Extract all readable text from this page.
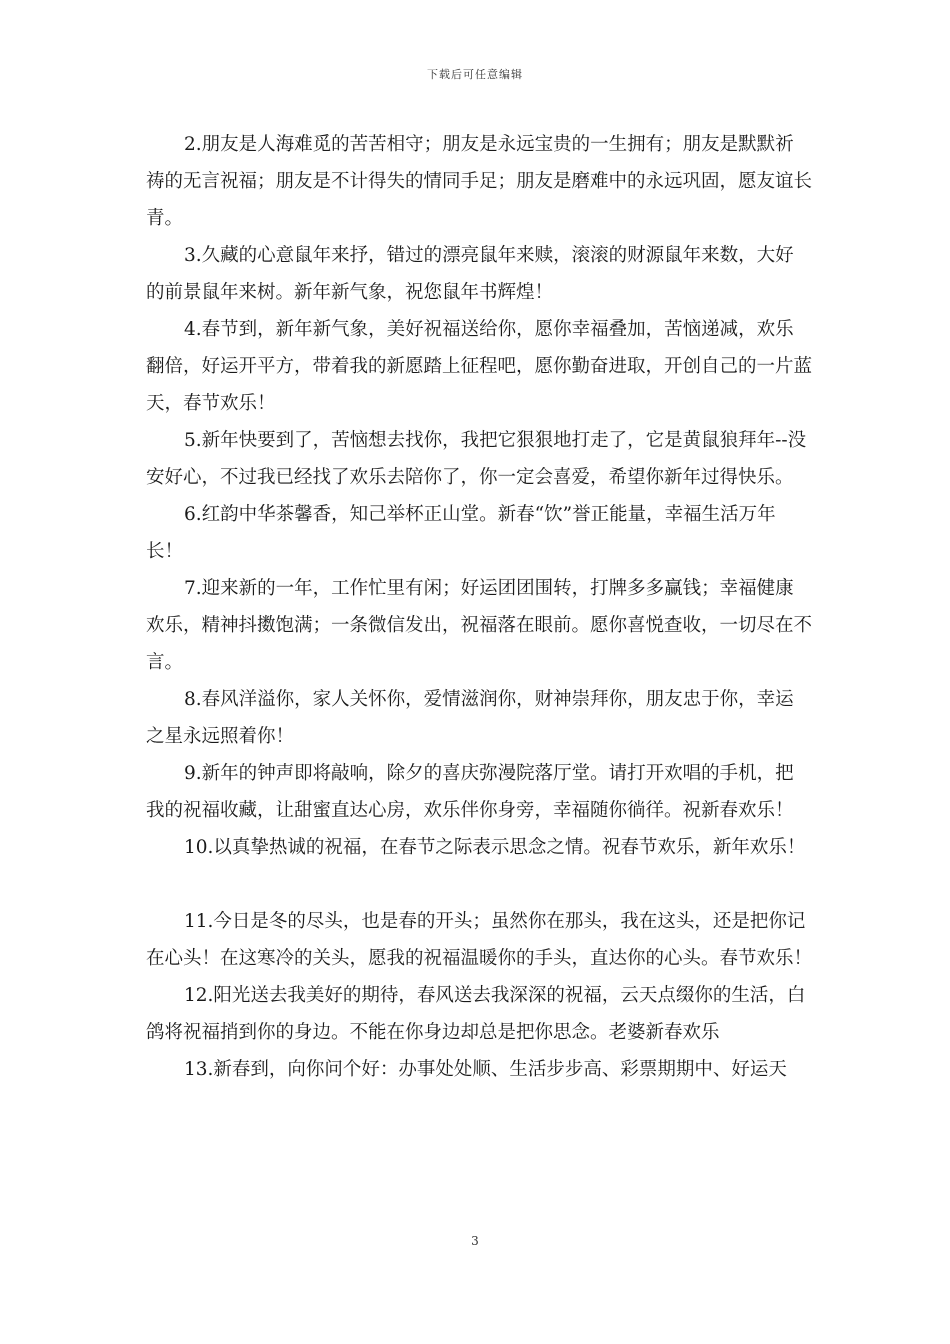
下载后可任意编辑

2.朋友是人海难觅的苦苦相守；朋友是永远宝贵的一生拥有；朋友是默默祈祷的无言祝福；朋友是不计得失的情同手足；朋友是磨难中的永远巩固，愿友谊长青。

3.久藏的心意鼠年来抒，错过的漂亮鼠年来赎，滚滚的财源鼠年来数，大好的前景鼠年来树。新年新气象，祝您鼠年书辉煌！

4.春节到，新年新气象，美好祝福送给你，愿你幸福叠加，苦恼递减，欢乐翻倍，好运开平方，带着我的新愿踏上征程吧，愿你勤奋进取，开创自己的一片蓝天，春节欢乐！

5.新年快要到了，苦恼想去找你，我把它狠狠地打走了，它是黄鼠狼拜年--没安好心，不过我已经找了欢乐去陪你了，你一定会喜爱，希望你新年过得快乐。

6.红韵中华茶馨香，知己举杯正山堂。新春“饮”誉正能量，幸福生活万年长！

7.迎来新的一年，工作忙里有闲；好运团团围转，打牌多多赢钱；幸福健康欢乐，精神抖擞饱满；一条微信发出，祝福落在眼前。愿你喜悦查收，一切尽在不言。

8.春风洋溢你，家人关怀你，爱情滋润你，财神崇拜你，朋友忠于你，幸运之星永远照着你！

9.新年的钟声即将敲响，除夕的喜庆弥漫院落厅堂。请打开欢唱的手机，把我的祝福收藏，让甜蜜直达心房，欢乐伴你身旁，幸福随你徜徉。祝新春欢乐！

10.以真挚热诚的祝福，在春节之际表示思念之情。祝春节欢乐，新年欢乐！

11.今日是冬的尽头，也是春的开头；虽然你在那头，我在这头，还是把你记在心头！在这寒冷的关头，愿我的祝福温暖你的手头，直达你的心头。春节欢乐！

12.阳光送去我美好的期待，春风送去我深深的祝福，云天点缀你的生活，白鸽将祝福捎到你的身边。不能在你身边却总是把你思念。老婆新春欢乐

13.新春到，向你问个好：办事处处顺、生活步步高、彩票期期中、好运天

3
